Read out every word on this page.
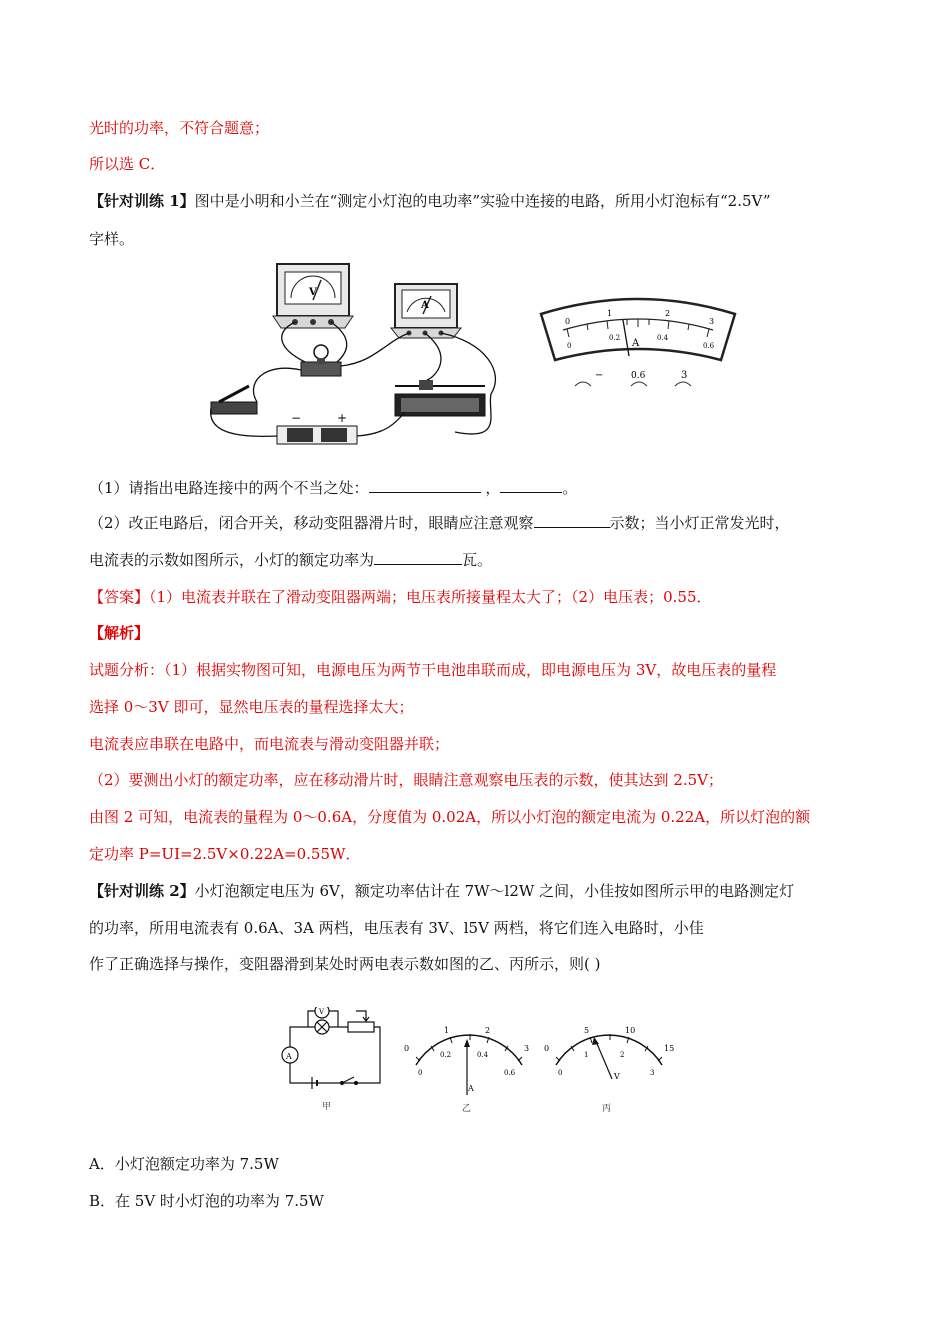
光时的功率，不符合题意；
所以选 C．
【针对训练 1】图中是小明和小兰在“测定小灯泡的电功率”实验中连接的电路，所用小灯泡标有“2.5V”
字样。
V
A
−	+
0
1	2
3
0
0.2	0.4
0.6
A
−	0.6	3
（1）请指出电路连接中的两个不当之处：	，	。
（2）改正电路后，闭合开关，移动变阻器滑片时，眼睛应注意观察	示数；当小灯正常发光时，
电流表的示数如图所示，小灯的额定功率为	瓦。
【答案】（1）电流表并联在了滑动变阻器两端；电压表所接量程太大了；（2）电压表；0.55．
【解析】
试题分析：（1）根据实物图可知，电源电压为两节干电池串联而成，即电源电压为 3V，故电压表的量程
选择 0～3V 即可，显然电压表的量程选择太大；
电流表应串联在电路中，而电流表与滑动变阻器并联；
（2）要测出小灯的额定功率，应在移动滑片时，眼睛注意观察电压表的示数，使其达到 2.5V；
由图 2 可知，电流表的量程为 0～0.6A，分度值为 0.02A，所以小灯泡的额定电流为 0.22A，所以灯泡的额
定功率 P=UI=2.5V×0.22A=0.55W．
【针对训练 2】小灯泡额定电压为 6V，额定功率估计在 7W～l2W 之间，小佳按如图所示甲的电路测定灯
的功率，所用电流表有 0.6A、3A 两档，电压表有 3V、l5V 两档，将它们连入电路时，小佳
作了正确选择与操作，变阻器滑到某处时两电表示数如图的乙、丙所示，则( )
A
V
甲
0
1	2
3
0
0.2	0.4
0.6
A
乙
0
5	10
15
0
1	2
3
V
丙
A．小灯泡额定功率为 7.5W
B．在 5V 时小灯泡的功率为 7.5W
